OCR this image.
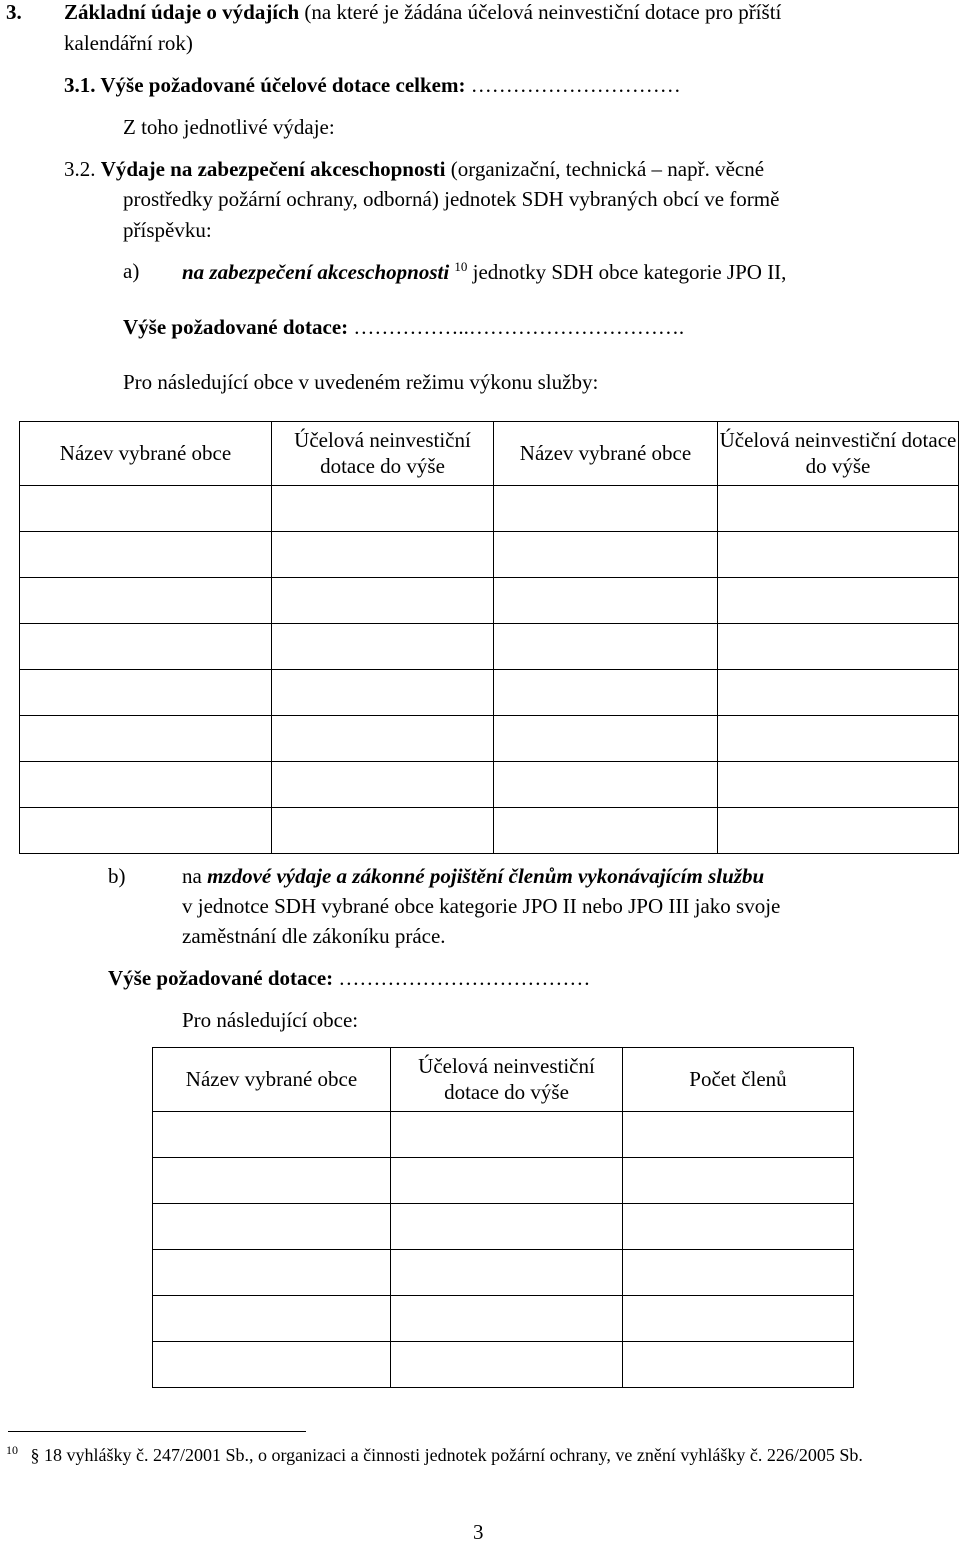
3. Základní údaje o výdajích (na které je žádána účelová neinvestiční dotace pro příští
kalendářní rok)
3.1. Výše požadované účelové dotace celkem: …………………………
Z toho jednotlivé výdaje:
3.2. Výdaje na zabezpečení akceschopnosti (organizační, technická – např. věcné
prostředky požární ochrany, odborná) jednotek SDH vybraných obcí ve formě
příspěvku:
a) na zabezpečení akceschopnosti $^{10}$ jednotky SDH obce kategorie JPO II,
Výše požadované dotace: ……………..………………………….
Pro následující obce v uvedeném režimu výkonu služby:
Název vybrané obce	Účelová neinvestiční dotace do výše	Název vybrané obce	Účelová neinvestiční dotace do výše

b)	na mzdové výdaje a zákonné pojištění členům vykonávajícím službu
v jednotce SDH vybrané obce kategorie JPO II nebo JPO III jako svoje
zaměstnání dle zákoníku práce.
Výše požadované dotace: ………………………………
Pro následující obce:
Název vybrané obce	Účelová neinvestiční dotace do výše	Počet členů

$^{10}$ § 18 vyhlášky č. 247/2001 Sb., o organizaci a činnosti jednotek požární ochrany, ve znění vyhlášky č. 226/2005 Sb.
3
